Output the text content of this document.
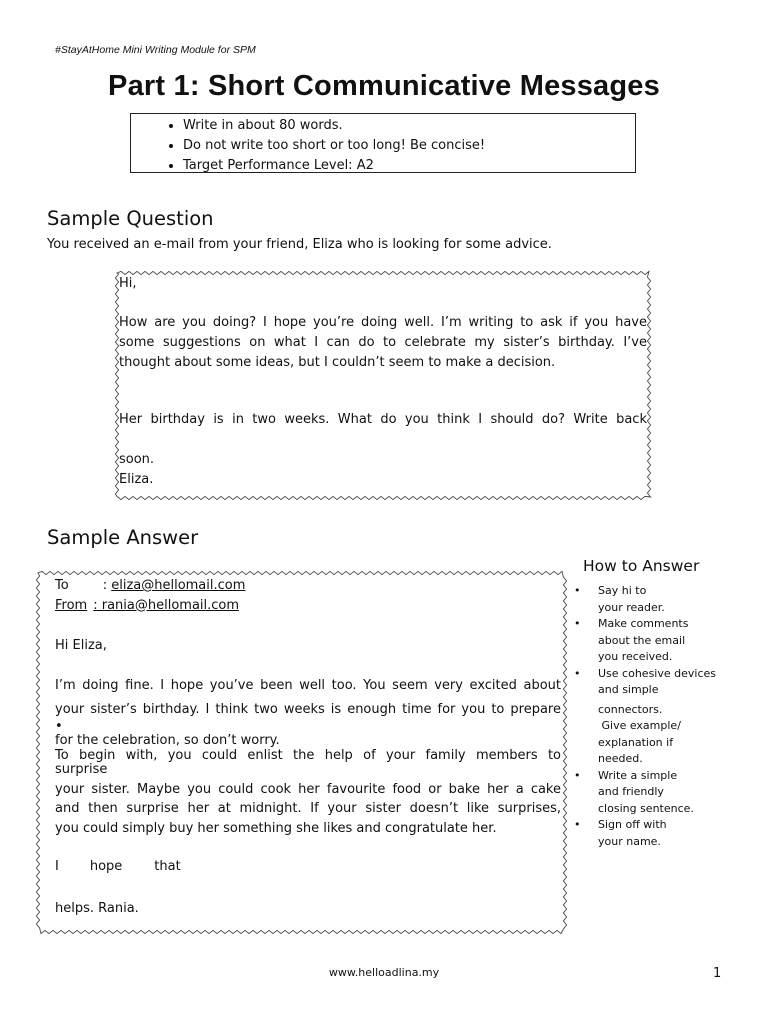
#StayAtHome Mini Writing Module for SPM
Part 1: Short Communicative Messages
• Write in about 80 words.
• Do not write too short or too long! Be concise!
• Target Performance Level: A2
Sample Question
You received an e-mail from your friend, Eliza who is looking for some advice.
Hi,
How are you doing? I hope you’re doing well. I’m writing to ask if you have
some suggestions on what I can do to celebrate my sister’s birthday. I’ve
thought about some ideas, but I couldn’t seem to make a decision.
Her birthday is in two weeks. What do you think I should do? Write back
soon.
Eliza.
Sample Answer
To	: eliza@hellomail.com
From : rania@hellomail.com
Hi Eliza,
I’m doing fine. I hope you’ve been well too. You seem very excited about
your sister’s birthday. I think two weeks is enough time for you to prepare
•
for the celebration, so don’t worry.
To begin with, you could enlist the help of your family members to
surprise
your sister. Maybe you could cook her favourite food or bake her a cake
and then surprise her at midnight. If your sister doesn’t like surprises,
you could simply buy her something she likes and congratulate her.
I hope that
helps. Rania.
How to Answer
• Say hi to
your reader.
• Make comments
about the email
you received.
• Use cohesive devices
and simple
connectors.
Give example/
explanation if
needed.
• Write a simple
and friendly
closing sentence.
• Sign off with
your name.
www.helloadlina.my	1
